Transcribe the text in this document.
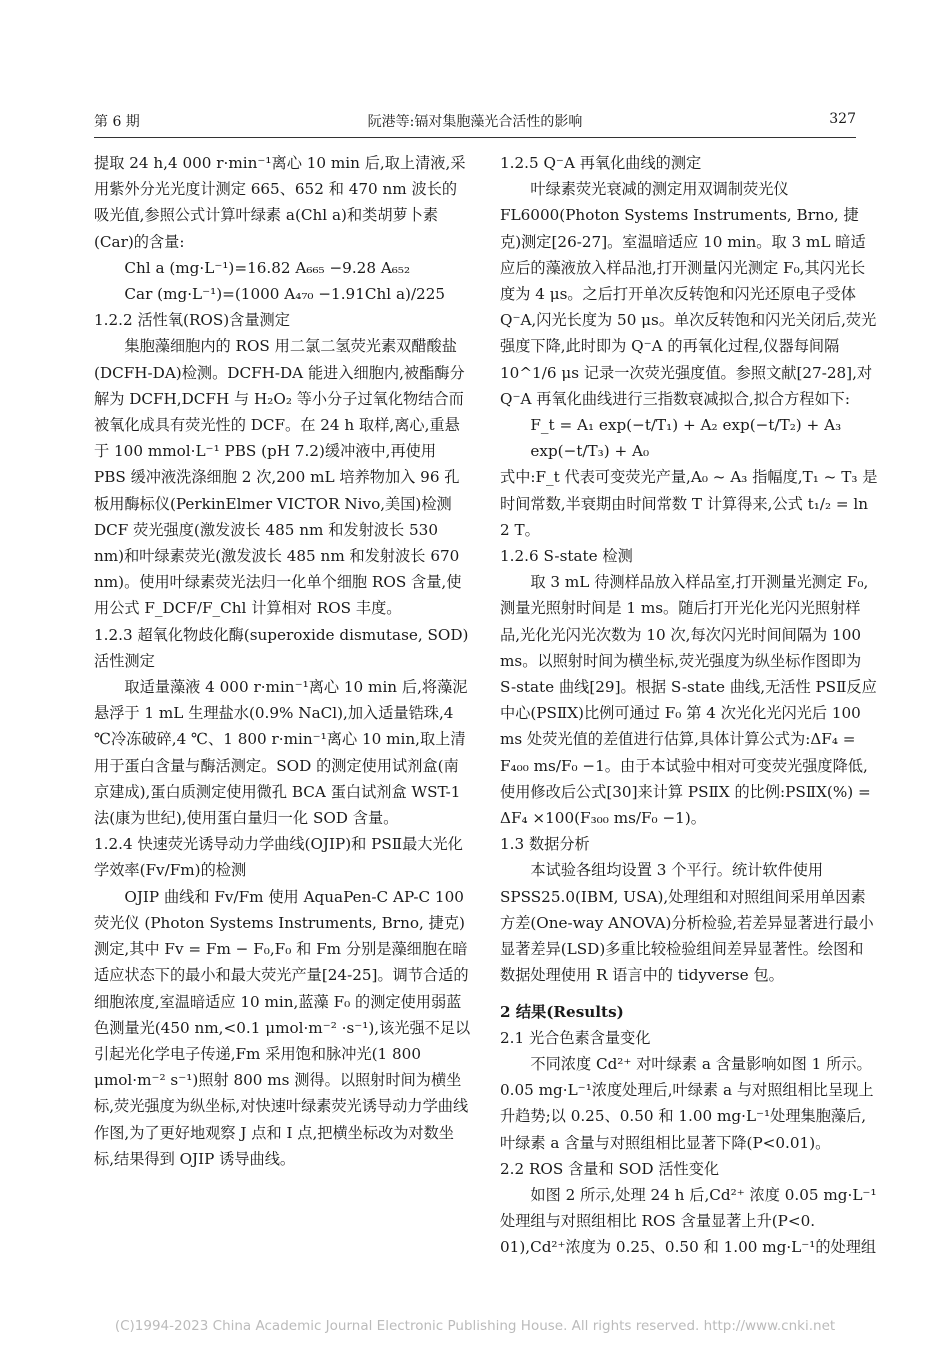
第 6 期	阮港等:镉对集胞藻光合活性的影响	327

提取 24 h,4 000 r·min⁻¹离心 10 min 后,取上清液,采用紫外分光光度计测定 665、652 和 470 nm 波长的吸光值,参照公式计算叶绿素 a(Chl a)和类胡萝卜素(Car)的含量:

Chl a (mg·L⁻¹)=16.82 A₆₆₅ −9.28 A₆₅₂
Car (mg·L⁻¹)=(1000 A₄₇₀ −1.91Chl a)/225
1.2.2 活性氧(ROS)含量测定

集胞藻细胞内的 ROS 用二氯二氢荧光素双醋酸盐(DCFH-DA)检测。DCFH-DA 能进入细胞内,被酯酶分解为 DCFH,DCFH 与 H₂O₂ 等小分子过氧化物结合而被氧化成具有荧光性的 DCF。在 24 h 取样,离心,重悬于 100 mmol·L⁻¹ PBS (pH 7.2)缓冲液中,再使用 PBS 缓冲液洗涤细胞 2 次,200 mL 培养物加入 96 孔板用酶标仪(PerkinElmer VICTOR Nivo,美国)检测 DCF 荧光强度(激发波长 485 nm 和发射波长 530 nm)和叶绿素荧光(激发波长 485 nm 和发射波长 670 nm)。使用叶绿素荧光法归一化单个细胞 ROS 含量,使用公式 F_DCF/F_Chl 计算相对 ROS 丰度。

1.2.3 超氧化物歧化酶(superoxide dismutase, SOD)活性测定

取适量藻液 4 000 r·min⁻¹离心 10 min 后,将藻泥悬浮于 1 mL 生理盐水(0.9% NaCl),加入适量锆珠,4 ℃冷冻破碎,4 ℃、1 800 r·min⁻¹离心 10 min,取上清用于蛋白含量与酶活测定。SOD 的测定使用试剂盒(南京建成),蛋白质测定使用微孔 BCA 蛋白试剂盒 WST-1 法(康为世纪),使用蛋白量归一化 SOD 含量。

1.2.4 快速荧光诱导动力学曲线(OJIP)和 PSⅡ最大光化学效率(Fv/Fm)的检测

OJIP 曲线和 Fv/Fm 使用 AquaPen-C AP-C 100 荧光仪 (Photon Systems Instruments, Brno, 捷克)测定,其中 Fv = Fm − F₀,F₀ 和 Fm 分别是藻细胞在暗适应状态下的最小和最大荧光产量[24-25]。调节合适的细胞浓度,室温暗适应 10 min,蓝藻 F₀ 的测定使用弱蓝色测量光(450 nm,<0.1 μmol·m⁻² ·s⁻¹),该光强不足以引起光化学电子传递,Fm 采用饱和脉冲光(1 800 μmol·m⁻² s⁻¹)照射 800 ms 测得。以照射时间为横坐标,荧光强度为纵坐标,对快速叶绿素荧光诱导动力学曲线作图,为了更好地观察 J 点和 I 点,把横坐标改为对数坐标,结果得到 OJIP 诱导曲线。

1.2.5 Q⁻A 再氧化曲线的测定

叶绿素荧光衰减的测定用双调制荧光仪 FL6000(Photon Systems Instruments, Brno, 捷克)测定[26-27]。室温暗适应 10 min。取 3 mL 暗适应后的藻液放入样品池,打开测量闪光测定 F₀,其闪光长度为 4 μs。之后打开单次反转饱和闪光还原电子受体 Q⁻A,闪光长度为 50 μs。单次反转饱和闪光关闭后,荧光强度下降,此时即为 Q⁻A 的再氧化过程,仪器每间隔 10^1/6 μs 记录一次荧光强度值。参照文献[27-28],对 Q⁻A 再氧化曲线进行三指数衰减拟合,拟合方程如下:

F_t = A₁ exp(−t/T₁) + A₂ exp(−t/T₂) + A₃ exp(−t/T₃) + A₀

式中:F_t 代表可变荧光产量,A₀ ~ A₃ 指幅度,T₁ ~ T₃ 是时间常数,半衰期由时间常数 T 计算得来,公式 t₁/₂ = ln 2 T。

1.2.6 S-state 检测

取 3 mL 待测样品放入样品室,打开测量光测定 F₀,测量光照射时间是 1 ms。随后打开光化光闪光照射样品,光化光闪光次数为 10 次,每次闪光时间间隔为 100 ms。以照射时间为横坐标,荧光强度为纵坐标作图即为 S-state 曲线[29]。根据 S-state 曲线,无活性 PSⅡ反应中心(PSⅡX)比例可通过 F₀ 第 4 次光化光闪光后 100 ms 处荧光值的差值进行估算,具体计算公式为:ΔF₄ = F₄₀₀ ms/F₀ −1。由于本试验中相对可变荧光强度降低,使用修改后公式[30]来计算 PSⅡX 的比例:PSⅡX(%) = ΔF₄ ×100(F₃₀₀ ms/F₀ −1)。

1.3 数据分析

本试验各组均设置 3 个平行。统计软件使用 SPSS25.0(IBM, USA),处理组和对照组间采用单因素方差(One-way ANOVA)分析检验,若差异显著进行最小显著差异(LSD)多重比较检验组间差异显著性。绘图和数据处理使用 R 语言中的 tidyverse 包。

2 结果(Results)
2.1 光合色素含量变化

不同浓度 Cd²⁺ 对叶绿素 a 含量影响如图 1 所示。0.05 mg·L⁻¹浓度处理后,叶绿素 a 与对照组相比呈现上升趋势;以 0.25、0.50 和 1.00 mg·L⁻¹处理集胞藻后,叶绿素 a 含量与对照组相比显著下降(P<0.01)。

2.2 ROS 含量和 SOD 活性变化

如图 2 所示,处理 24 h 后,Cd²⁺ 浓度 0.05 mg·L⁻¹处理组与对照组相比 ROS 含量显著上升(P<0. 01),Cd²⁺浓度为 0.25、0.50 和 1.00 mg·L⁻¹的处理组

(C)1994-2023 China Academic Journal Electronic Publishing House. All rights reserved. http://www.cnki.net
